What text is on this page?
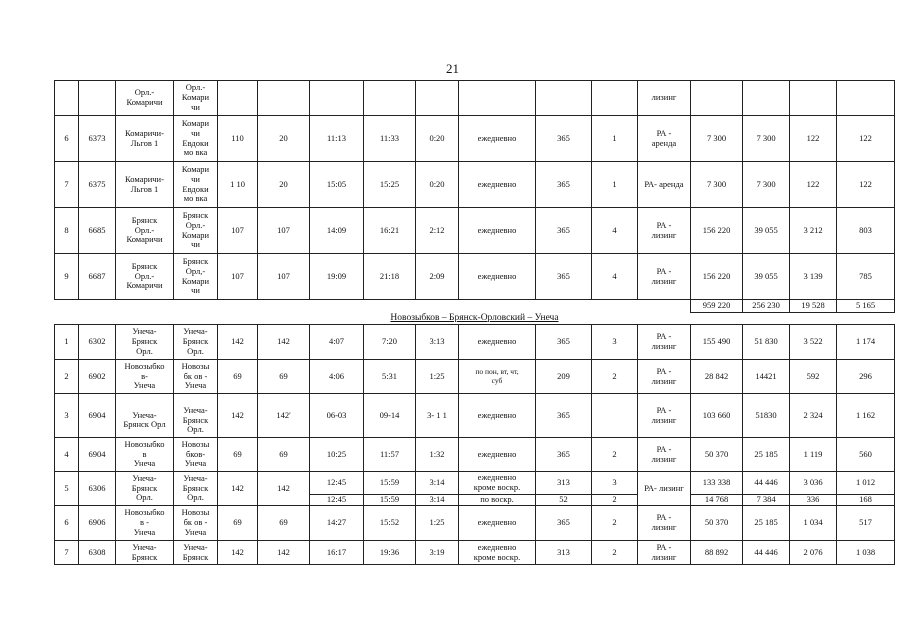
21
		Орл.-
Комаричи	Орл.-
Комари
чи									лизинг				
6	6373	Комаричи-
Льгов 1	Комари
чи
Евдоки
мо вка	110	20	11:13	11:33	0:20	ежедневно	365	1	РА -
аренда	7 300	7 300	122	122
7	6375	Комаричи-
Льгов 1	Комари
чи
Евдоки
мо вка	1 10	20	15:05	15:25	0:20	ежедневно	365	1	РА- аренда	7 300	7 300	122	122
8	6685	Брянск
Орл.-
Комаричи	Брянск
Орл.-
Комари
чи	107	107	14:09	16:21	2:12	ежедневно	365	4	РА -
лизинг	156 220	39 055	3 212	803
9	6687	Брянск
Орл.-
Комаричи	Брянск
Орл,-
Комари
чи	107	107	19:09	21:18	2:09	ежедневно	365	4	РА -
лизинг	156 220	39 055	3 139	785
													959 220	256 230	19 528	5 165
Новозыбков – Брянск-Орловский – Унеча																
1	6302	Унеча-
Брянск
Орл.	Унеча-
Брянск
Орл.	142	142	4:07	7:20	3:13	ежедневно	365	3	РА -
лизинг	155 490	51 830	3 522	1 174
2	6902	Новозыбко
в-
Унеча	Новозы
бк ов -
Унеча	69	69	4:06	5:31	1:25	по пон, вт, чт,
суб	209	2	РА -
лизинг	28 842	14421	592	296
3	6904	
Унеча-
Брянск Орл	
Унеча-
Брянск
Орл.	142	142'	06-03	09-14	3- 1 1	ежедневно	365		РА -
лизинг	103 660	51830	2 324	1 162
4	6904	Новозыбко
в
Унеча	Новозы
бков-
Унеча	69	69	10:25	11:57	1:32	ежедневно	365	2	РА -
лизинг	50 370	25 185	1 119	560
5	6306	Унеча-
Брянск
Орл.	Унеча-
Брянск
Орл.	142	142	12:45	15:59	3:14	ежедневно
кроме воскр.	313	3	РА- лизинг	133 338	44 446	3 036	1 012
						12:45	15:59	3:14	по воскр.	52	2		14 768	7 384	336	168
6	6906	Новозыбко
в -
Унеча	Новозы
бк ов -
Унеча	69	69	14:27	15:52	1:25	ежедневно	365	2	РА -
лизинг	50 370	25 185	1 034	517
7	6308	Унеча-
Брянск	Унеча-
Брянск	142	142	16:17	19:36	3:19	ежедневно
кроме воскр.	313	2	РА -
лизинг	88 892	44 446	2 076	1 038
